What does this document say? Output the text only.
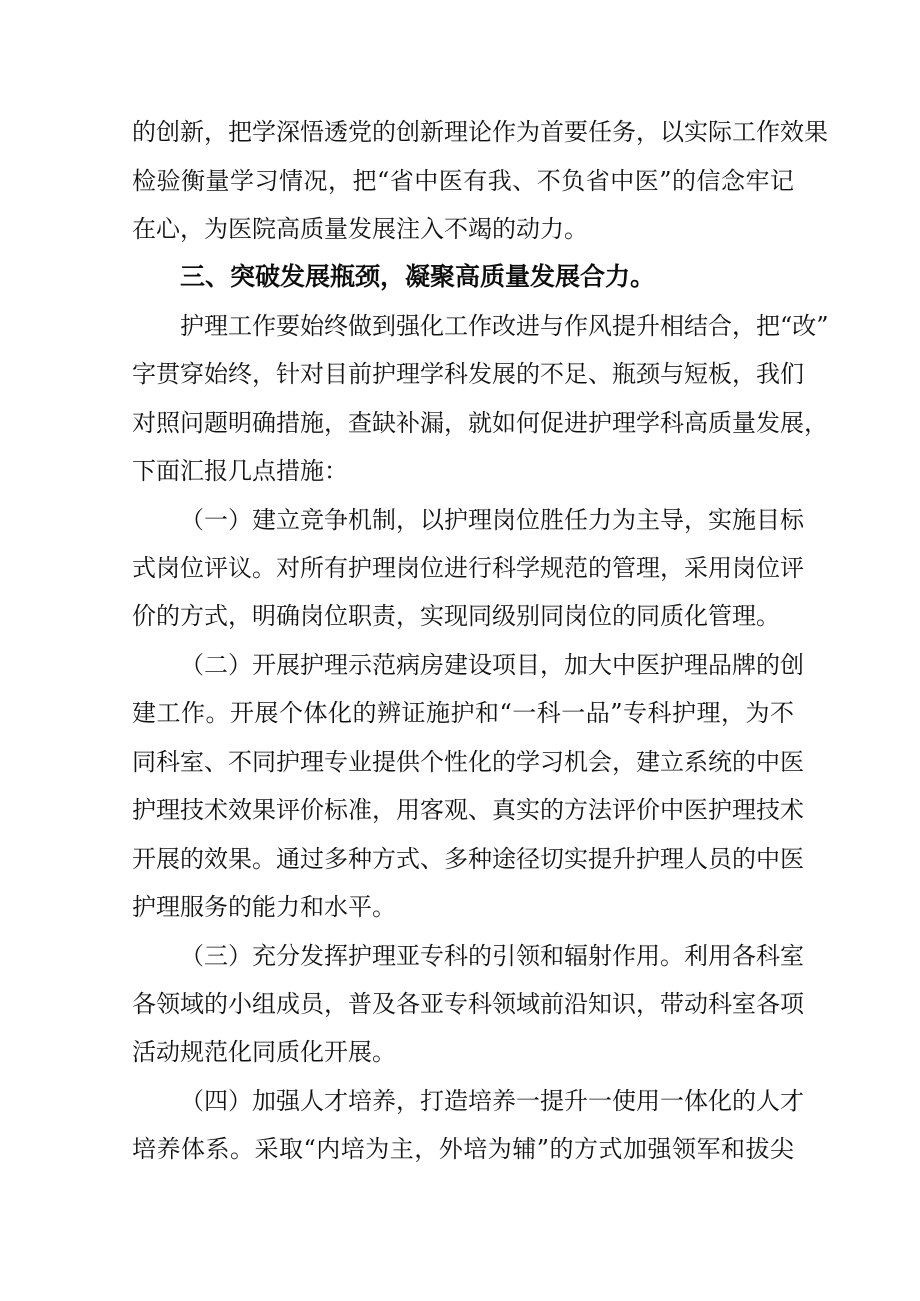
的创新，把学深悟透党的创新理论作为首要任务，以实际工作效果
检验衡量学习情况，把“省中医有我、不负省中医”的信念牢记
在心，为医院高质量发展注入不竭的动力。
三、突破发展瓶颈，凝聚高质量发展合力。
护理工作要始终做到强化工作改进与作风提升相结合，把“改”
字贯穿始终，针对目前护理学科发展的不足、瓶颈与短板，我们
对照问题明确措施，查缺补漏，就如何促进护理学科高质量发展，
下面汇报几点措施：
（一）建立竞争机制，以护理岗位胜任力为主导，实施目标
式岗位评议。对所有护理岗位进行科学规范的管理，采用岗位评
价的方式，明确岗位职责，实现同级别同岗位的同质化管理。
（二）开展护理示范病房建设项目，加大中医护理品牌的创
建工作。开展个体化的辨证施护和“一科一品”专科护理，为不
同科室、不同护理专业提供个性化的学习机会，建立系统的中医
护理技术效果评价标准，用客观、真实的方法评价中医护理技术
开展的效果。通过多种方式、多种途径切实提升护理人员的中医
护理服务的能力和水平。
（三）充分发挥护理亚专科的引领和辐射作用。利用各科室
各领域的小组成员，普及各亚专科领域前沿知识，带动科室各项
活动规范化同质化开展。
（四）加强人才培养，打造培养一提升一使用一体化的人才
培养体系。采取“内培为主，外培为辅”的方式加强领军和拔尖
